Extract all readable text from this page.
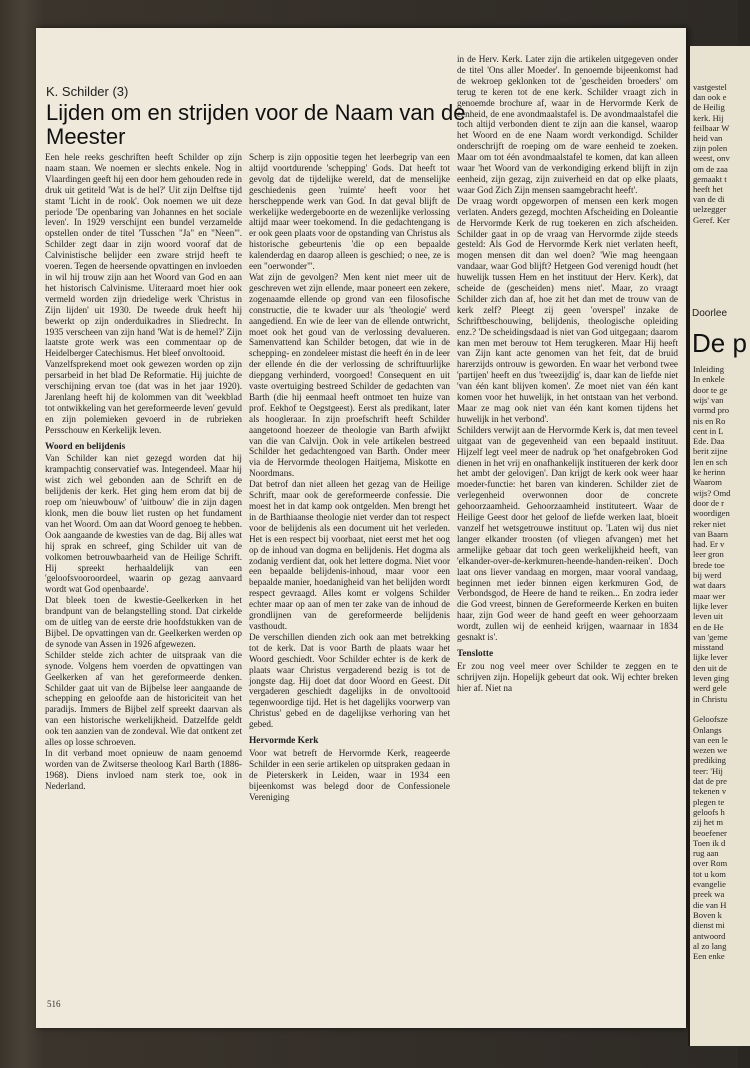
K. Schilder (3)
Lijden om en strijden voor de Naam van de Meester

Een hele reeks geschriften heeft Schilder op zijn naam staan. We noemen er slechts enkele. Nog in Vlaardingen geeft hij een door hem gehouden rede in druk uit getiteld 'Wat is de hel?' Uit zijn Delftse tijd stamt 'Licht in de rook'. Ook noemen we uit deze periode 'De openbaring van Johannes en het sociale leven'. In 1929 verschijnt een bundel verzamelde opstellen onder de titel 'Tusschen "Ja" en "Neen"'. Schilder zegt daar in zijn woord vooraf dat de Calvinistische belijder een zware strijd heeft te voeren. Tegen de heersende opvattingen en invloeden in wil hij trouw zijn aan het Woord van God en aan het historisch Calvinisme. Uiteraard moet hier ook vermeld worden zijn driedelige werk 'Christus in Zijn lijden' uit 1930. De tweede druk heeft hij bewerkt op zijn onderduikadres in Sliedrecht. In 1935 verscheen van zijn hand 'Wat is de hemel?' Zijn laatste grote werk was een commentaar op de Heidelberger Catechismus. Het bleef onvoltooid.

Vanzelfsprekend moet ook gewezen worden op zijn persarbeid in het blad De Reformatie. Hij juichte de verschijning ervan toe (dat was in het jaar 1920). Jarenlang heeft hij de kolommen van dit 'weekblad tot ontwikkeling van het gereformeerde leven' gevuld en zijn polemieken gevoerd in de rubrieken Persschouw en Kerkelijk leven.

Woord en belijdenis

Van Schilder kan niet gezegd worden dat hij krampachtig conservatief was. Integendeel. Maar hij wist zich wel gebonden aan de Schrift en de belijdenis der kerk. Het ging hem erom dat bij de roep om 'nieuwbouw' of 'uitbouw' die in zijn dagen klonk, men die bouw liet rusten op het fundament van het Woord. Om aan dat Woord genoeg te hebben. Ook aangaande de kwesties van de dag. Bij alles wat hij sprak en schreef, ging Schilder uit van de volkomen betrouwbaarheid van de Heilige Schrift. Hij spreekt herhaaldelijk van een 'geloofsvooroordeel, waarin op gezag aanvaard wordt wat God openbaarde'.

Dat bleek toen de kwestie-Geelkerken in het brandpunt van de belangstelling stond. Dat cirkelde om de uitleg van de eerste drie hoofdstukken van de Bijbel. De opvattingen van dr. Geelkerken werden op de synode van Assen in 1926 afgewezen.

Schilder stelde zich achter de uitspraak van die synode. Volgens hem voerden de opvattingen van Geelkerken af van het gereformeerde denken. Schilder gaat uit van de Bijbelse leer aangaande de schepping en geloofde aan de historiciteit van het paradijs. Immers de Bijbel zelf spreekt daarvan als van een historische werkelijkheid. Datzelfde geldt ook ten aanzien van de zondeval. Wie dat ontkent zet alles op losse schroeven.

In dit verband moet opnieuw de naam genoemd worden van de Zwitserse theoloog Karl Barth (1886-1968). Diens invloed nam sterk toe, ook in Nederland.

Scherp is zijn oppositie tegen het leerbegrip van een altijd voortdurende 'schepping' Gods. Dat heeft tot gevolg dat de tijdelijke wereld, dat de menselijke geschiedenis geen 'ruimte' heeft voor het herscheppende werk van God. In dat geval blijft de werkelijke wedergeboorte en de wezenlijke verlossing altijd maar weer toekomend. In die gedachtengang is er ook geen plaats voor de opstanding van Christus als historische gebeurtenis 'die op een bepaalde kalenderdag en daarop alleen is geschied; o nee, ze is een "oerwonder"'.

Wat zijn de gevolgen? Men kent niet meer uit de geschreven wet zijn ellende, maar poneert een zekere, zogenaamde ellende op grond van een filosofische constructie, die te kwader uur als 'theologie' werd aangediend. En wie de leer van de ellende ontwricht, moet ook het goud van de verlossing devalueren. Samenvattend kan Schilder betogen, dat wie in de schepping- en zondeleer mistast die heeft én in de leer der ellende én die der verlossing de schriftuurlijke diepgang verhinderd, voorgoed! Consequent en uit vaste overtuiging bestreed Schilder de gedachten van Barth (die hij eenmaal heeft ontmoet ten huize van prof. Eekhof te Oegstgeest). Eerst als predikant, later als hoogleraar. In zijn proefschrift heeft Schilder aangetoond hoezeer de theologie van Barth afwijkt van die van Calvijn. Ook in vele artikelen bestreed Schilder het gedachtengoed van Barth. Onder meer via de Hervormde theologen Haitjema, Miskotte en Noordmans.

Dat betrof dan niet alleen het gezag van de Heilige Schrift, maar ook de gereformeerde confessie. Die moest het in dat kamp ook ontgelden. Men brengt het in de Barthiaanse theologie niet verder dan tot respect voor de belijdenis als een document uit het verleden. Het is een respect bij voorbaat, niet eerst met het oog op de inhoud van dogma en belijdenis. Het dogma als zodanig verdient dat, ook het letterе dogma. Niet voor een bepaalde belijdenis-inhoud, maar voor een bepaalde manier, hoedanigheid van het belijden wordt respect gevraagd. Alles komt er volgens Schilder echter maar op aan of men ter zake van de inhoud de grondlijnen van de gereformeerde belijdenis vasthoudt.

De verschillen dienden zich ook aan met betrekking tot de kerk. Dat is voor Barth de plaats waar het Woord geschiedt. Voor Schilder echter is de kerk de plaats waar Christus vergaderend bezig is tot de jongste dag. Hij doet dat door Woord en Geest. Dit vergaderen geschiedt dagelijks in de onvoltooid tegenwoordige tijd. Het is het dagelijks voorwerp van Christus' gebed en de dagelijkse verhoring van het gebed.

Hervormde Kerk

Voor wat betreft de Hervormde Kerk, reageerde Schilder in een serie artikelen op uitspraken gedaan in de Pieterskerk in Leiden, waar in 1934 een bijeenkomst was belegd door de Confessionele Vereniging

in de Herv. Kerk. Later zijn die artikelen uitgegeven onder de titel 'Ons aller Moeder'. In genoemde bijeenkomst had de wekroep geklonken tot de 'gescheiden broeders' om terug te keren tot de ene kerk. Schilder vraagt zich in genoemde brochure af, waar in de Hervormde Kerk de eenheid, de ene avondmaalstafel is. De avondmaalstafel die toch altijd verbonden dient te zijn aan die kansel, waarop het Woord en de ene Naam wordt verkondigd. Schilder onderschrijft de roeping om de ware eenheid te zoeken. Maar om tot één avondmaalstafel te komen, dat kan alleen waar 'het Woord van de verkondiging erkend blijft in zijn eenheid, zijn gezag, zijn zuiverheid en dat op elke plaats, waar God Zich Zijn mensen saamgebracht heeft'.

De vraag wordt opgeworpen of mensen een kerk mogen verlaten. Anders gezegd, mochten Afscheiding en Doleantie de Hervormde Kerk de rug toekeren en zich afscheiden. Schilder gaat in op de vraag van Hervormde zijde steeds gesteld: Als God de Hervormde Kerk niet verlaten heeft, mogen mensen dit dan wel doen? 'Wie mag heengaan vandaar, waar God blijft? Hetgeen God verenigd houdt (het huwelijk tussen Hem en het instituut der Herv. Kerk), dat scheide de (gescheiden) mens niet'. Maar, zo vraagt Schilder zich dan af, hoe zit het dan met de trouw van de kerk zelf? Pleegt zij geen 'overspel' inzake de Schriftbeschouwing, belijdenis, theologische opleiding enz.? 'De scheidingsdaad is niet van God uitgegaan; daarom kan men met berouw tot Hem terugkeren. Maar Hij heeft van Zijn kant acte genomen van het feit, dat de bruid harerzijds ontrouw is geworden. En waar het verbond twee 'partijen' heeft en dus 'tweezijdig' is, daar kan de liefde niet 'van één kant blijven komen'. Ze moet niet van één kant komen voor het huwelijk, in het ontstaan van het verbond. Maar ze mag ook niet van één kant komen tijdens het huwelijk in het verbond'.

Schilders verwijt aan de Hervormde Kerk is, dat men teveel uitgaat van de gegevenheid van een bepaald instituut. Hijzelf legt veel meer de nadruk op 'het onafgebroken God dienen in het vrij en onafhankelijk institueren der kerk door het ambt der gelovigen'. Dan krijgt de kerk ook weer haar moeder-functie: het baren van kinderen. Schilder ziet de verlegenheid overwonnen door de concrete gehoorzaamheid. Gehoorzaamheid instituteert. Waar de Heilige Geest door het geloof de liefde werken laat, bloeit vanzelf het wetsgetrouwe instituut op. 'Laten wij dus niet langer elkander troosten (of vliegen afvangen) met het armelijke gebaar dat toch geen werkelijkheid heeft, van 'elkander-over-de-kerkmuren-heende-handen-reiken'. Doch laat ons liever vandaag en morgen, maar vooral vandaag, beginnen met ieder binnen eigen kerkmuren God, de Verbondsgod, de Heere de hand te reiken... En zodra ieder die God vreest, binnen de Gereformeerde Kerken en buiten haar, zijn God weer de hand geeft en weer gehoorzaam wordt, zullen wij de eenheid krijgen, waarnaar in 1834 gesnakt is'.

Tenslotte

Er zou nog veel meer over Schilder te zeggen en te schrijven zijn. Hopelijk gebeurt dat ook. Wij echter breken hier af. Niet na

516
vastgestel
dan ook e
de Heilig
kerk. Hij
feilbaar W
heid van
zijn polen
weest, onv
om de zaa
gemaakt t
heeft het
van de di
uelzegger
Geref. Ker
Doorlee
De p
Inleiding
In enkele
door te ge
wijs' van
vormd pro
nis en Ro
cent in L
Ede. Daa
berit zijne
len en sch
ke herinn
Waarom
wijs? Omd
door de r
woordigen
reker niet
van Baarn
had. Er v
leer gron
brede toe
bij werd
wat daars
maar wer
lijke lever
leven uit
en de He
van 'geme
misstand
lijke lever
den uit de
leven ging
werd gele
in Christu
Geloofsze
Onlangs
van een le
wezen we
prediking
teer: 'Hij
dat de pre
tekenen v
plegen te
geloofs h
zij het m
beoefener
Toen ik d
rug aan
over Rom
tot u kom
evangelie
preek wa
die van H
Boven k
dienst mi
antwoord
al zo lang
Een enke
